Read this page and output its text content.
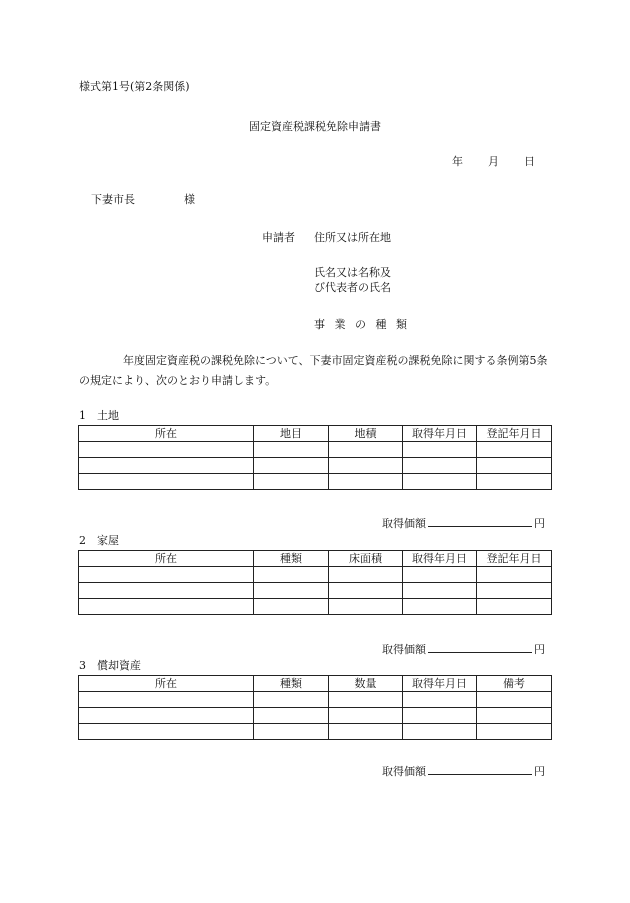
様式第1号(第2条関係)
固定資産税課税免除申請書
年 月 日
下妻市長	様
申請者 住所又は所在地
氏名又は名称及
び代表者の氏名
事 業 の 種 類
年度固定資産税の課税免除について、下妻市固定資産税の課税免除に関する条例第5条の規定により、次のとおり申請します。
1　土地
所在	地目	地積	取得年月日	登記年月日

取得価額	円
2　家屋
所在	種類	床面積	取得年月日	登記年月日

取得価額	円
3　償却資産
所在	種類	数量	取得年月日	備考

取得価額	円
